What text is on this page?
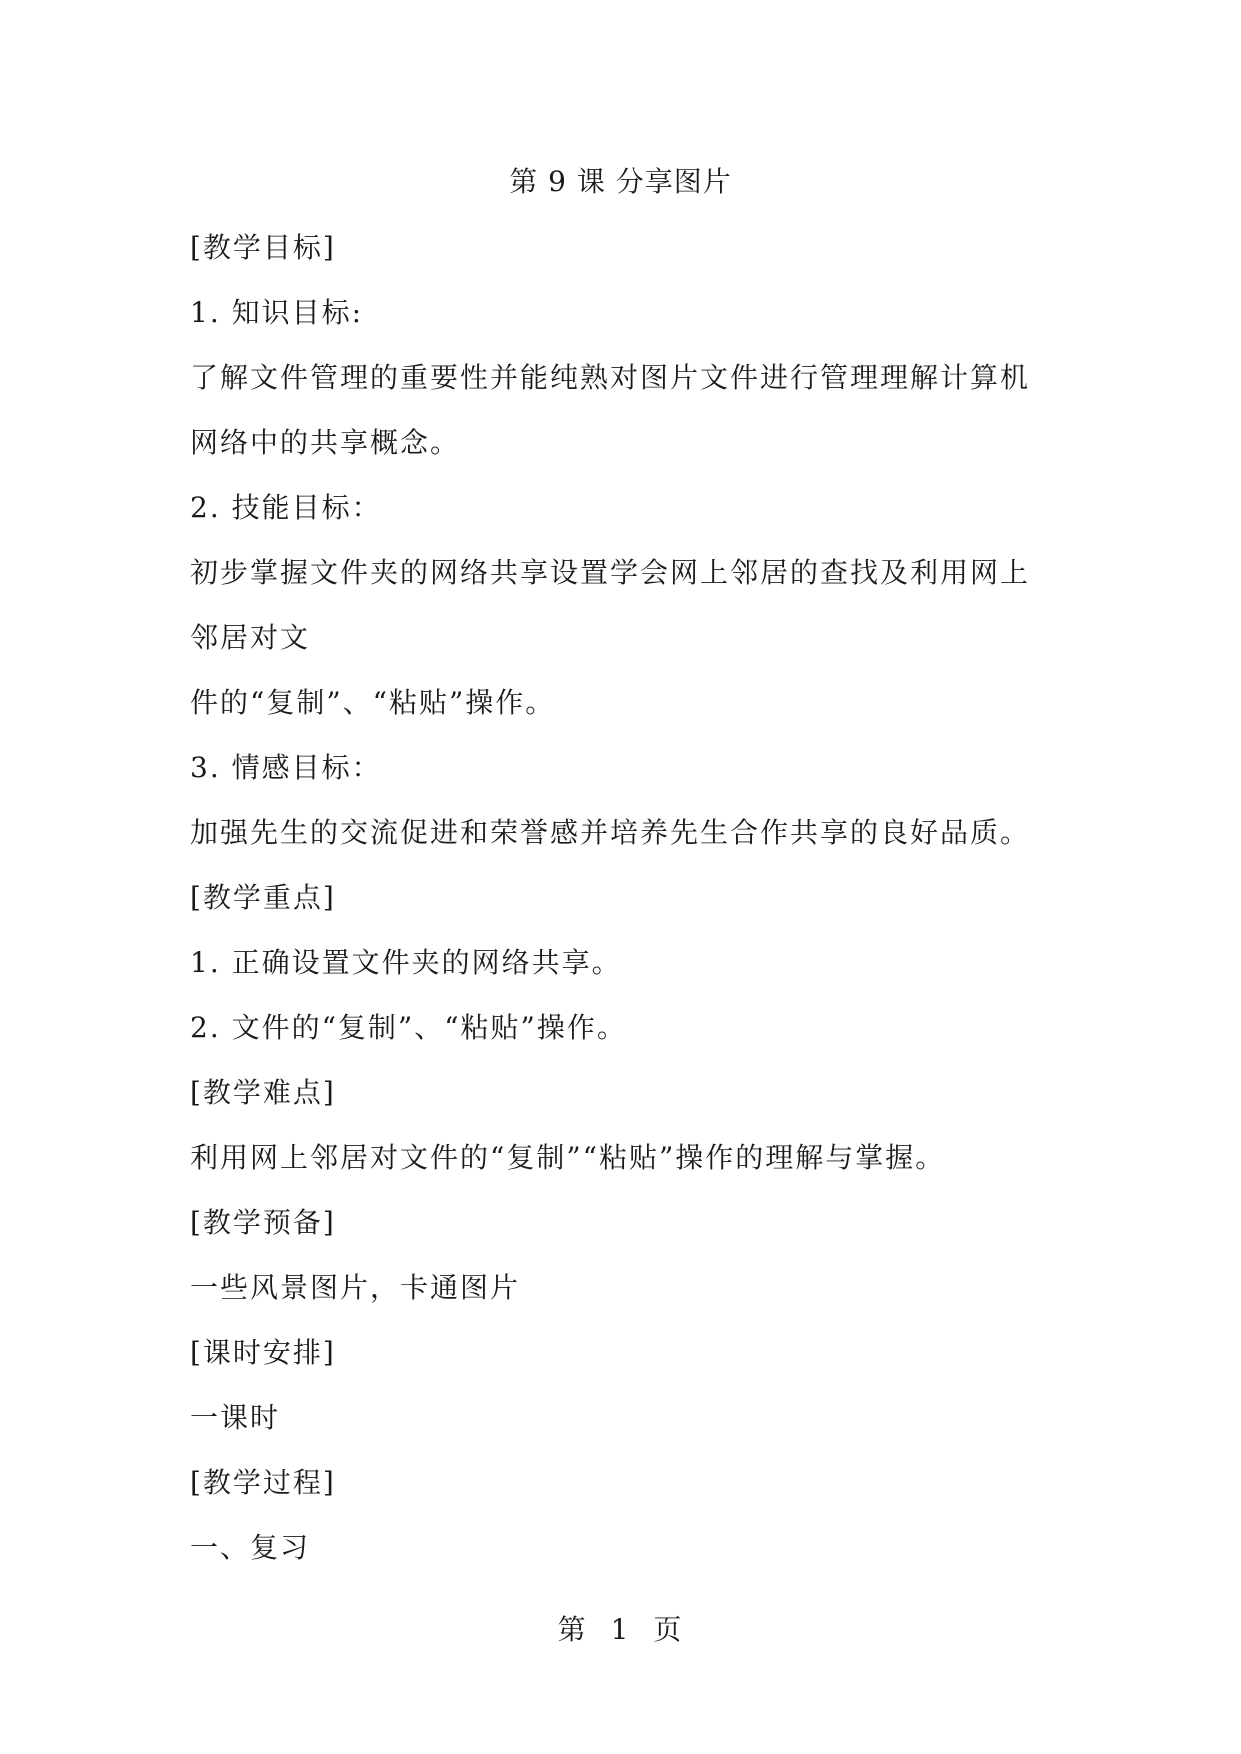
第 9 课 分享图片
[教学目标]
1. 知识目标:
了解文件管理的重要性并能纯熟对图片文件进行管理理解计算机
网络中的共享概念。
2. 技能目标：
初步掌握文件夹的网络共享设置学会网上邻居的查找及利用网上
邻居对文
件的“复制”、“粘贴”操作。
3. 情感目标：
加强先生的交流促进和荣誉感并培养先生合作共享的良好品质。
[教学重点]
1. 正确设置文件夹的网络共享。
2. 文件的“复制”、“粘贴”操作。
[教学难点]
利用网上邻居对文件的“复制”“粘贴”操作的理解与掌握。
[教学预备]
一些风景图片，卡通图片
[课时安排]
一课时
[教学过程]
一、复习
第 1 页
